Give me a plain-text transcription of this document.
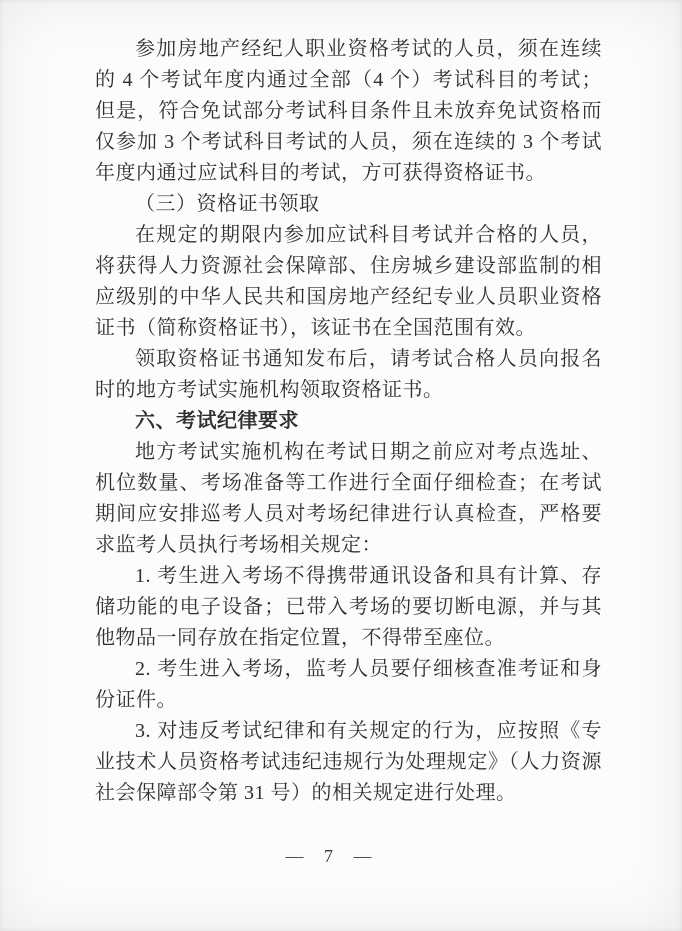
参加房地产经纪人职业资格考试的人员，须在连续的 4 个考试年度内通过全部（4 个）考试科目的考试；但是，符合免试部分考试科目条件且未放弃免试资格而仅参加 3 个考试科目考试的人员，须在连续的 3 个考试年度内通过应试科目的考试，方可获得资格证书。

（三）资格证书领取

在规定的期限内参加应试科目考试并合格的人员，将获得人力资源社会保障部、住房城乡建设部监制的相应级别的中华人民共和国房地产经纪专业人员职业资格证书（简称资格证书），该证书在全国范围有效。

领取资格证书通知发布后，请考试合格人员向报名时的地方考试实施机构领取资格证书。

六、考试纪律要求

地方考试实施机构在考试日期之前应对考点选址、机位数量、考场准备等工作进行全面仔细检查；在考试期间应安排巡考人员对考场纪律进行认真检查，严格要求监考人员执行考场相关规定：

1. 考生进入考场不得携带通讯设备和具有计算、存储功能的电子设备；已带入考场的要切断电源，并与其他物品一同存放在指定位置，不得带至座位。

2. 考生进入考场，监考人员要仔细核查准考证和身份证件。

3. 对违反考试纪律和有关规定的行为，应按照《专业技术人员资格考试违纪违规行为处理规定》（人力资源社会保障部令第 31 号）的相关规定进行处理。

— 7 —
